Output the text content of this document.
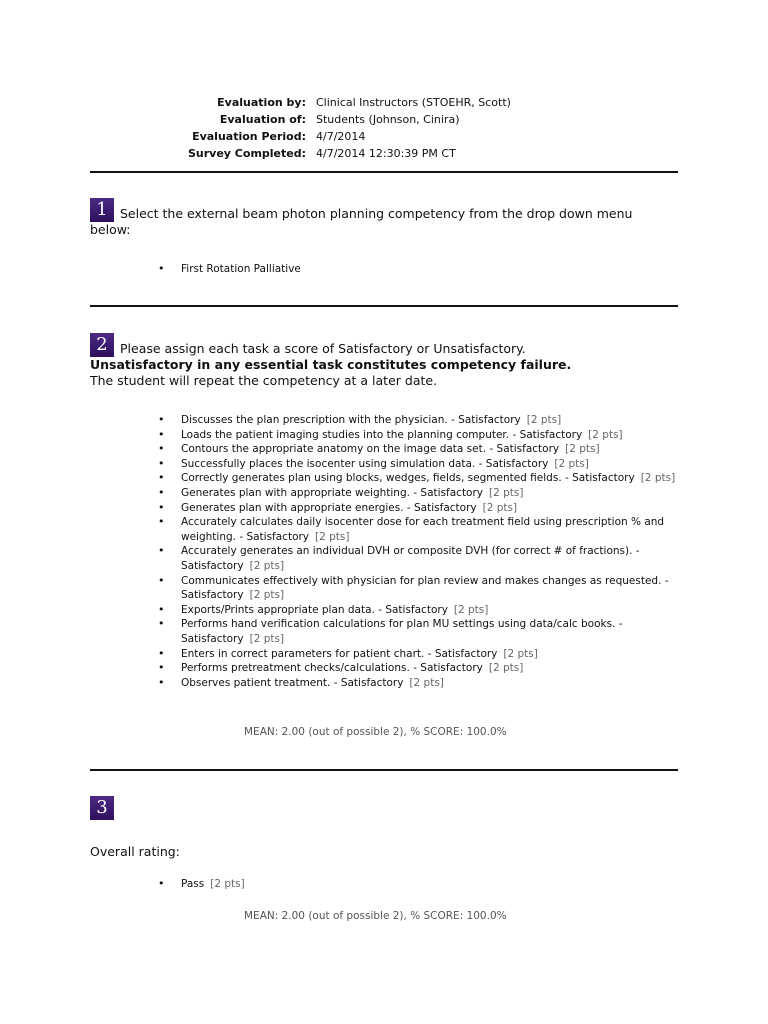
Evaluation by: Clinical Instructors (STOEHR, Scott)
Evaluation of: Students (Johnson, Cinira)
Evaluation Period: 4/7/2014
Survey Completed: 4/7/2014 12:30:39 PM CT
1 Select the external beam photon planning competency from the drop down menu below:
• First Rotation Palliative
2 Please assign each task a score of Satisfactory or Unsatisfactory.
Unsatisfactory in any essential task constitutes competency failure.
The student will repeat the competency at a later date.
• Discusses the plan prescription with the physician. - Satisfactory [2 pts]
• Loads the patient imaging studies into the planning computer. - Satisfactory [2 pts]
• Contours the appropriate anatomy on the image data set. - Satisfactory [2 pts]
• Successfully places the isocenter using simulation data. - Satisfactory [2 pts]
• Correctly generates plan using blocks, wedges, fields, segmented fields. - Satisfactory [2 pts]
• Generates plan with appropriate weighting. - Satisfactory [2 pts]
• Generates plan with appropriate energies. - Satisfactory [2 pts]
• Accurately calculates daily isocenter dose for each treatment field using prescription % and weighting. - Satisfactory [2 pts]
• Accurately generates an individual DVH or composite DVH (for correct # of fractions). - Satisfactory [2 pts]
• Communicates effectively with physician for plan review and makes changes as requested. - Satisfactory [2 pts]
• Exports/Prints appropriate plan data. - Satisfactory [2 pts]
• Performs hand verification calculations for plan MU settings using data/calc books. - Satisfactory [2 pts]
• Enters in correct parameters for patient chart. - Satisfactory [2 pts]
• Performs pretreatment checks/calculations. - Satisfactory [2 pts]
• Observes patient treatment. - Satisfactory [2 pts]
MEAN: 2.00 (out of possible 2), % SCORE: 100.0%
3
Overall rating:
• Pass [2 pts]
MEAN: 2.00 (out of possible 2), % SCORE: 100.0%
